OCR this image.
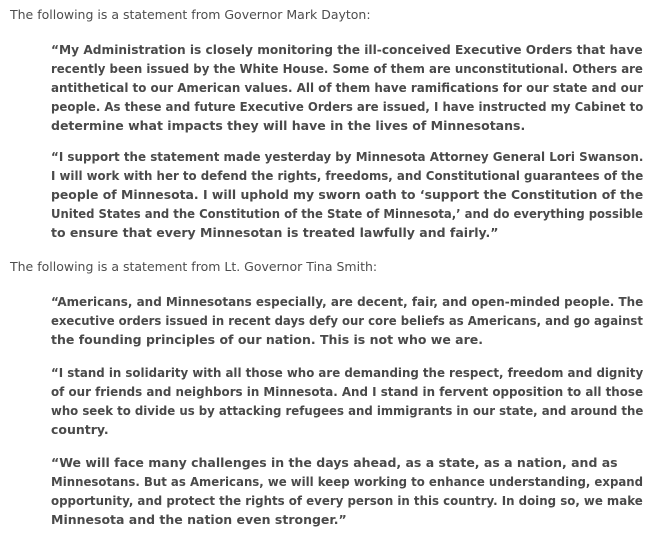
The following is a statement from Governor Mark Dayton:

“My Administration is closely monitoring the ill-conceived Executive Orders that have
recently been issued by the White House. Some of them are unconstitutional. Others are
antithetical to our American values. All of them have ramifications for our state and our
people. As these and future Executive Orders are issued, I have instructed my Cabinet to
determine what impacts they will have in the lives of Minnesotans.
“I support the statement made yesterday by Minnesota Attorney General Lori Swanson.
I will work with her to defend the rights, freedoms, and Constitutional guarantees of the
people of Minnesota. I will uphold my sworn oath to ‘support the Constitution of the
United States and the Constitution of the State of Minnesota,’ and do everything possible
to ensure that every Minnesotan is treated lawfully and fairly.”

The following is a statement from Lt. Governor Tina Smith:

“Americans, and Minnesotans especially, are decent, fair, and open-minded people. The
executive orders issued in recent days defy our core beliefs as Americans, and go against
the founding principles of our nation. This is not who we are.
“I stand in solidarity with all those who are demanding the respect, freedom and dignity
of our friends and neighbors in Minnesota. And I stand in fervent opposition to all those
who seek to divide us by attacking refugees and immigrants in our state, and around the
country.
“We will face many challenges in the days ahead, as a state, as a nation, and as
Minnesotans. But as Americans, we will keep working to enhance understanding, expand
opportunity, and protect the rights of every person in this country. In doing so, we make
Minnesota and the nation even stronger.”
